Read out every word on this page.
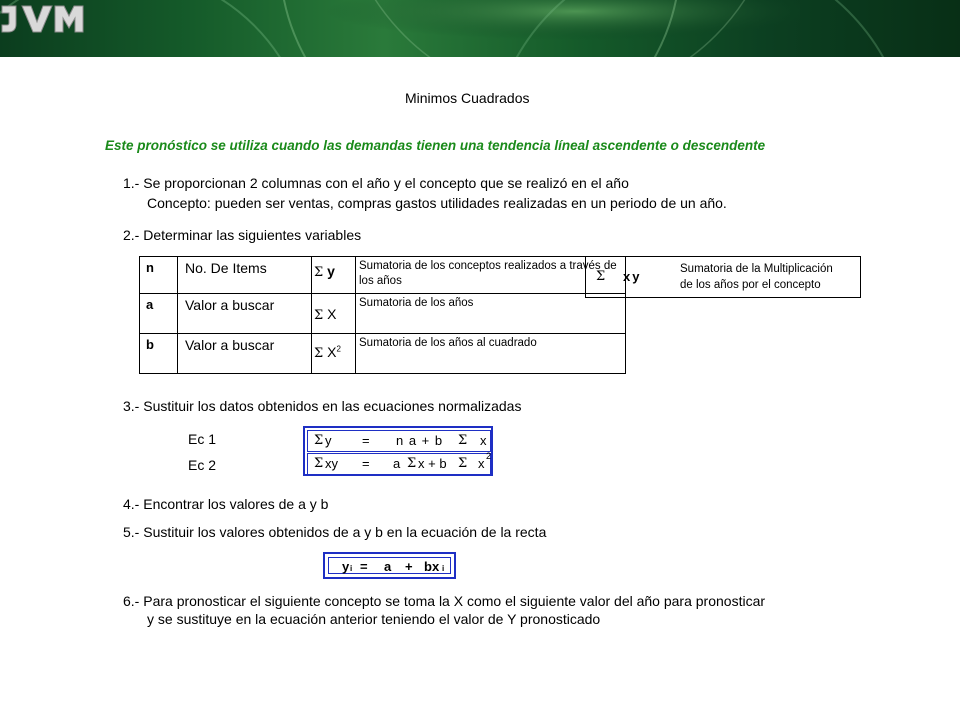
JVM
Minimos Cuadrados
Este pronóstico se utiliza cuando las demandas tienen una tendencia líneal ascendente o descendente
1.- Se proporcionan 2 columnas con el año y el concepto que se realizó en el año
Concepto: pueden ser ventas, compras gastos utilidades realizadas en un periodo de un año.
2.- Determinar las siguientes variables
n	No. De Items	Σ y	Sumatoria de los conceptos realizados a través de los años
a	Valor a buscar	Σ X	Sumatoria de los años
b	Valor a buscar	Σ $X^2$	Sumatoria de los años al cuadrado
Σ xy	Sumatoria de la Multiplicación
de los años por el concepto
3.- Sustituir los datos obtenidos en las ecuaciones normalizadas
Ec 1
Ec 2
Σ y = n a + b Σ x
Σ xy = a Σ x + b Σ x 2
4.- Encontrar los valores de a y b
5.- Sustituir los valores obtenidos de a y b en la ecuación de la recta
y i = a + bx i
6.- Para pronosticar el siguiente concepto se toma la X como el siguiente valor del año para pronosticar
y se sustituye en la ecuación anterior teniendo el valor de Y pronosticado
